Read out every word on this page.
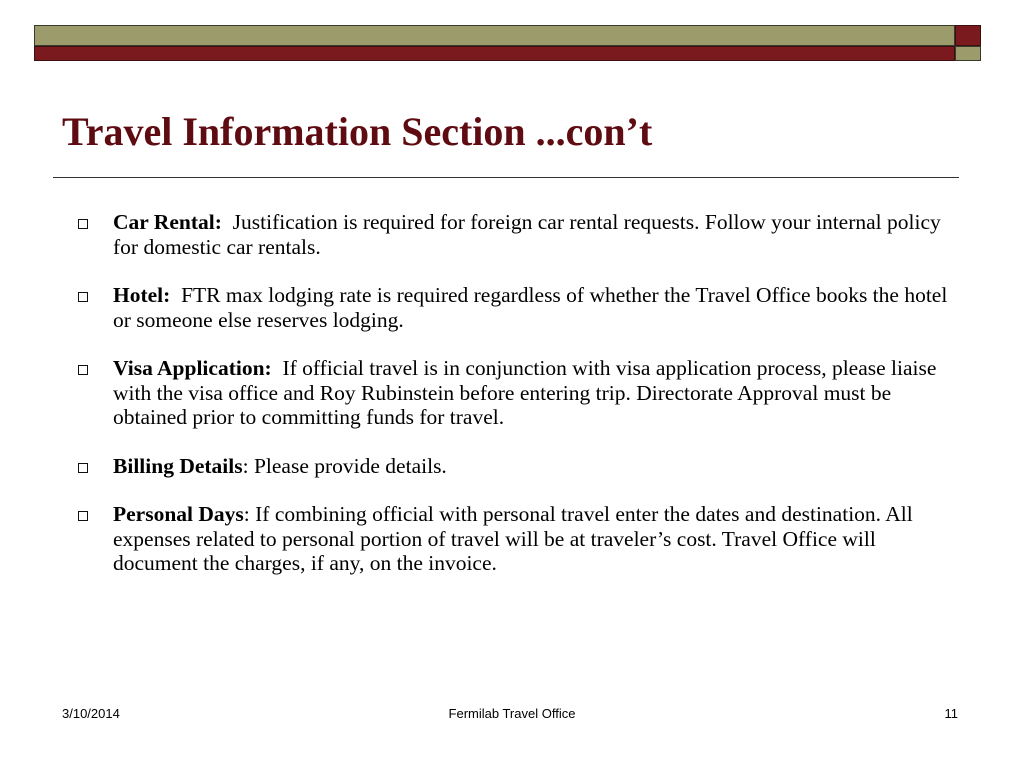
Travel Information Section ...con’t
Car Rental: Justification is required for foreign car rental requests. Follow your internal policy for domestic car rentals.
Hotel: FTR max lodging rate is required regardless of whether the Travel Office books the hotel or someone else reserves lodging.
Visa Application: If official travel is in conjunction with visa application process, please liaise with the visa office and Roy Rubinstein before entering trip. Directorate Approval must be obtained prior to committing funds for travel.
Billing Details: Please provide details.
Personal Days: If combining official with personal travel enter the dates and destination. All expenses related to personal portion of travel will be at traveler’s cost. Travel Office will document the charges, if any, on the invoice.
3/10/2014	Fermilab Travel Office	11
